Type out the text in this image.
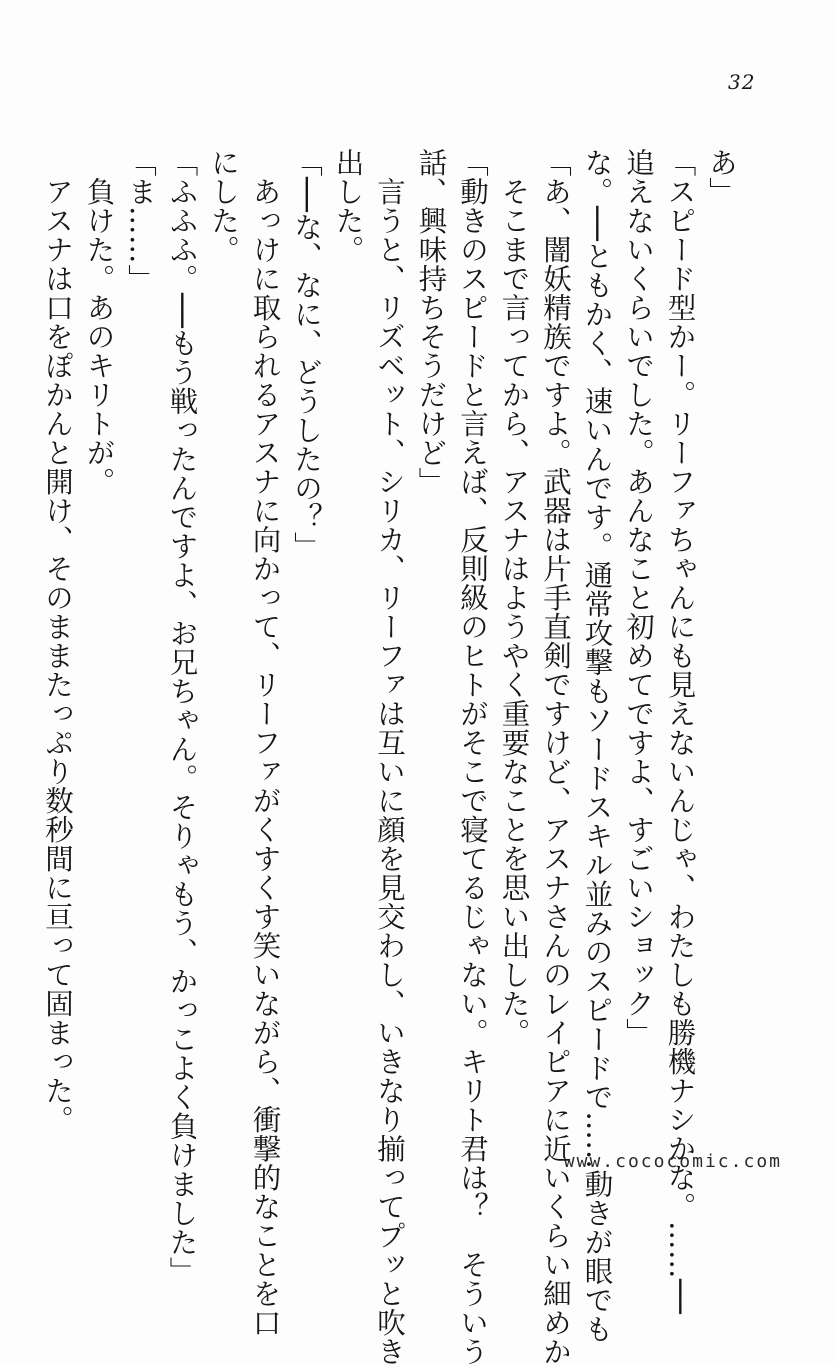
32

あ」

「スピード型かー。リーファちゃんにも見えないんじゃ、わたしも勝機ナシかな。……──

追えないくらいでした。あんなこと初めてですよ、すごいショック」

な。──ともかく、速いんです。通常攻撃もソードスキル並みのスピードで……動きが眼でも

「あ、闇妖精族ですよ。武器は片手直剣ですけど、アスナさんのレイピアに近いくらい細めか

　そこまで言ってから、アスナはようやく重要なことを思い出した。

「動きのスピードと言えば、反則級のヒトがそこで寝てるじゃない。キリト君は？　そういう

話、興味持ちそうだけど」

　言うと、リズベット、シリカ、リーファは互いに顔を見交わし、いきなり揃ってプッと吹き

出した。

「──な、なに、どうしたの？」

　あっけに取られるアスナに向かって、リーファがくすくす笑いながら、衝撃的なことを口

にした。

「ふふふ。──もう戦ったんですよ、お兄ちゃん。そりゃもう、かっこよく負けました」

「ま……」

　負けた。あのキリトが。

　アスナは口をぽかんと開け、そのままたっぷり数秒間に亘って固まった。

www.cococomic.com
